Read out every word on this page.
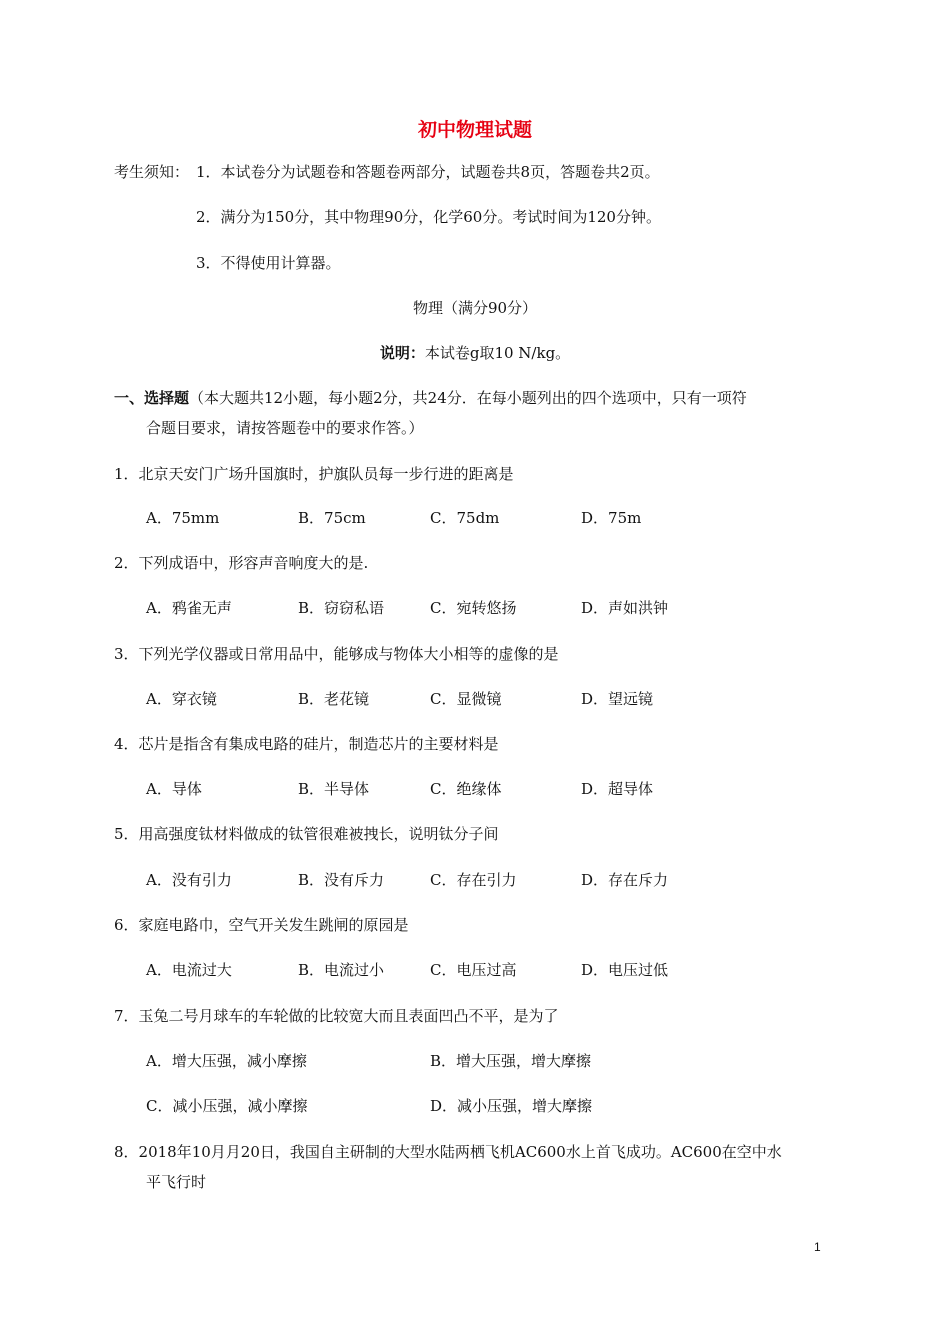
初中物理试题
考生须知： 1．本试卷分为试题卷和答题卷两部分，试题卷共8页，答题卷共2页。
2．满分为150分，其中物理90分，化学60分。考试时间为120分钟。
3．不得使用计算器。
物理（满分90分）
说明：本试卷g取10 N/kg。
一、选择题（本大题共12小题，每小题2分，共24分．在每小题列出的四个选项中，只有一项符
合题目要求，请按答题卷中的要求作答。）
1．北京天安门广场升国旗时，护旗队员每一步行进的距离是
A．75mm	B．75cm	C．75dm	D．75m
2．下列成语中，形容声音响度大的是.
A．鸦雀无声	B．窃窃私语	C．宛转悠扬	D．声如洪钟
3．下列光学仪器或日常用品中，能够成与物体大小相等的虚像的是
A．穿衣镜	B．老花镜	C．显微镜	D．望远镜
4．芯片是指含有集成电路的硅片，制造芯片的主要材料是
A．导体	B．半导体	C．绝缘体	D．超导体
5．用高强度钛材料做成的钛管很难被拽长，说明钛分子间
A．没有引力	B．没有斥力	C．存在引力	D．存在斥力
6．家庭电路巾，空气开关发生跳闸的原园是
A．电流过大	B．电流过小	C．电压过高	D．电压过低
7．玉兔二号月球车的车轮做的比较宽大而且表面凹凸不平，是为了
A．增大压强，减小摩擦	B．增大压强，增大摩擦
C．减小压强，减小摩擦	D．减小压强，增大摩擦
8．2018年10月月20日，我国自主研制的大型水陆两栖飞机AC600水上首飞成功。AC600在空中水
平飞行时
1
